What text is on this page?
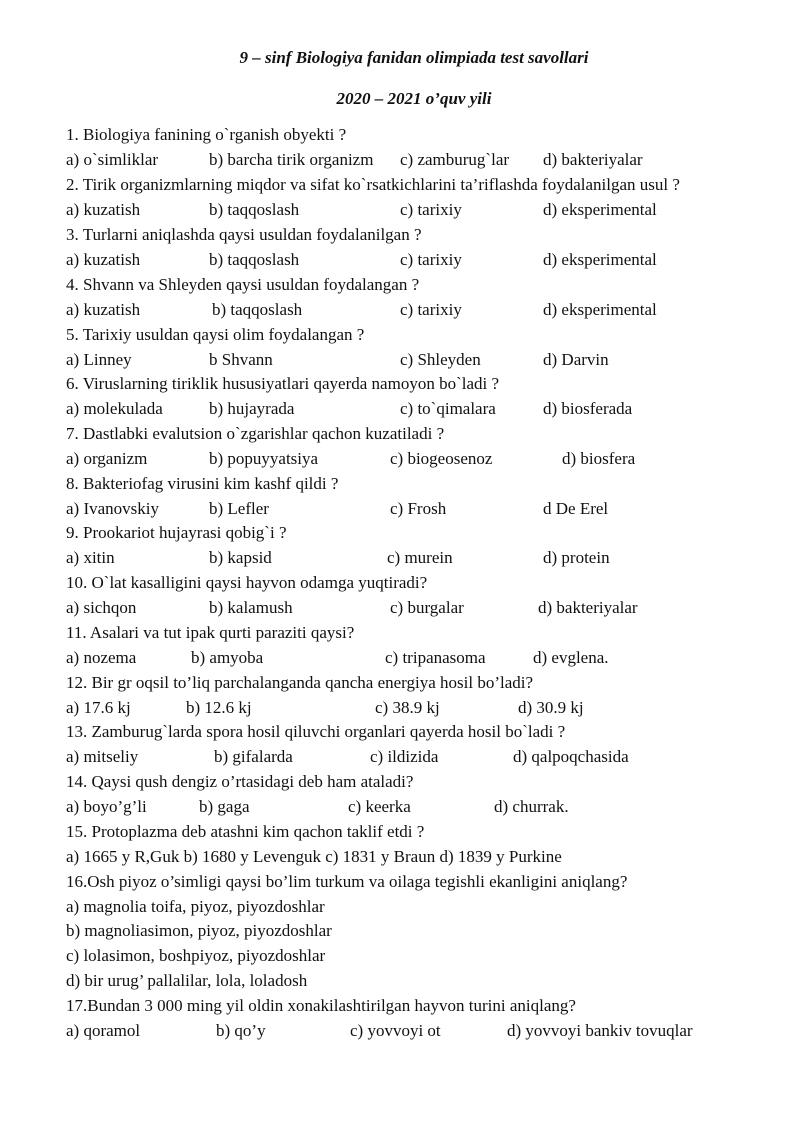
9 – sinf Biologiya fanidan olimpiada test savollari
2020 – 2021 o’quv yili
1. Biologiya fanining o`rganish obyekti ?
a) o`simliklar	b) barcha tirik organizm c) zamburug`lar d) bakteriyalar
2. Tirik organizmlarning miqdor va sifat ko`rsatkichlarini ta’riflashda foydalanilgan usul ?
a) kuzatish	b) taqqoslash	c) tarixiy	d) eksperimental
3. Turlarni aniqlashda qaysi usuldan foydalanilgan ?
a) kuzatish	b) taqqoslash	c) tarixiy	d) eksperimental
4. Shvann va Shleyden qaysi usuldan foydalangan ?
a) kuzatish	b) taqqoslash	c) tarixiy	d) eksperimental
5. Tarixiy usuldan qaysi olim foydalangan ?
a) Linney	b Shvann	c) Shleyden	d) Darvin
6. Viruslarning tiriklik hususiyatlari qayerda namoyon bo`ladi ?
a) molekulada	b) hujayrada	c) to`qimalara	d) biosferada
7. Dastlabki evalutsion o`zgarishlar qachon kuzatiladi ?
a) organizm	b) popuyyatsiya	c) biogeosenoz	d) biosfera
8. Bakteriofag virusini kim kashf qildi ?
a) Ivanovskiy	b) Lefler	c) Frosh	d De Erel
9. Prookariot hujayrasi qobig`i ?
a) xitin	b) kapsid	c) murein	d) protein
10. O`lat kasalligini qaysi hayvon odamga yuqtiradi?
a) sichqon	b) kalamush	c) burgalar	d) bakteriyalar
11. Asalari va tut ipak qurti paraziti qaysi?
a) nozema	b) amyoba	c) tripanasoma	d) evglena.
12. Bir gr oqsil to’liq parchalanganda qancha energiya hosil bo’ladi?
a) 17.6 kj	b) 12.6 kj	c) 38.9 kj	d) 30.9 kj
13. Zamburug`larda spora hosil qiluvchi organlari qayerda hosil bo`ladi ?
a) mitseliy	b) gifalarda	c) ildizida	d) qalpoqchasida
14. Qaysi qush dengiz o’rtasidagi deb ham ataladi?
a) boyo’g’li	b) gaga	c) keerka	d) churrak.
15. Protoplazma deb atashni kim qachon taklif etdi ?
a) 1665 y R,Guk b) 1680 y Levenguk c) 1831 y Braun d) 1839 y Purkine
16.Osh piyoz o’simligi qaysi bo’lim turkum va oilaga tegishli ekanligini aniqlang?
a) magnolia toifa, piyoz, piyozdoshlar
b) magnoliasimon, piyoz, piyozdoshlar
c) lolasimon, boshpiyoz, piyozdoshlar
d) bir urug’ pallalilar, lola, loladosh
17.Bundan 3 000 ming yil oldin xonakilashtirilgan hayvon turini aniqlang?
a) qoramol	b) qo’y	c) yovvoyi ot	d) yovvoyi bankiv tovuqlar
